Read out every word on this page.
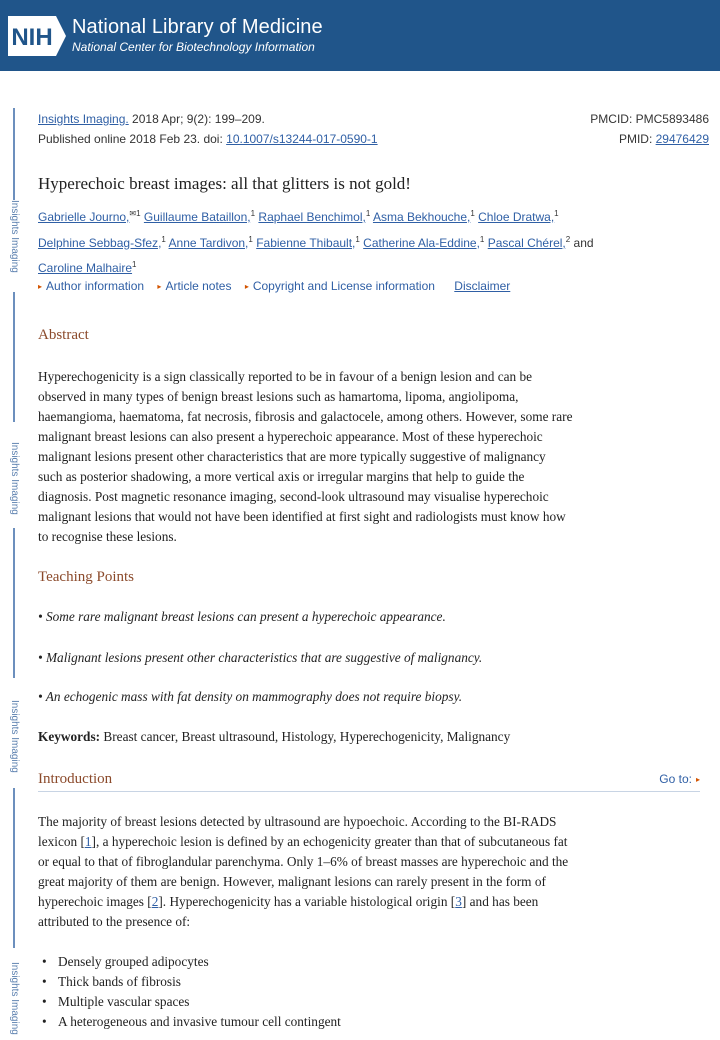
NIH National Library of Medicine
National Center for Biotechnology Information
Insights Imaging
Insights Imaging
Insights Imaging
Insights Imaging
Insights Imaging. 2018 Apr; 9(2): 199–209.
Published online 2018 Feb 23. doi: 10.1007/s13244-017-0590-1
PMCID: PMC5893486
PMID: 29476429
Hyperechoic breast images: all that glitters is not gold!
Gabrielle Journo,$^{✉1}$ Guillaume Bataillon,$^1$ Raphael Benchimol,$^1$ Asma Bekhouche,$^1$ Chloe Dratwa,$^1$
Delphine Sebbag-Sfez,$^1$ Anne Tardivon,$^1$ Fabienne Thibault,$^1$ Catherine Ala-Eddine,$^1$ Pascal Chérel,$^2$ and
Caroline Malhaire$^1$
▸ Author information ▸ Article notes ▸ Copyright and License information Disclaimer
Abstract
Hyperechogenicity is a sign classically reported to be in favour of a benign lesion and can be
observed in many types of benign breast lesions such as hamartoma, lipoma, angiolipoma,
haemangioma, haematoma, fat necrosis, fibrosis and galactocele, among others. However, some rare
malignant breast lesions can also present a hyperechoic appearance. Most of these hyperechoic
malignant lesions present other characteristics that are more typically suggestive of malignancy
such as posterior shadowing, a more vertical axis or irregular margins that help to guide the
diagnosis. Post magnetic resonance imaging, second-look ultrasound may visualise hyperechoic
malignant lesions that would not have been identified at first sight and radiologists must know how
to recognise these lesions.
Teaching Points
• Some rare malignant breast lesions can present a hyperechoic appearance.
• Malignant lesions present other characteristics that are suggestive of malignancy.
• An echogenic mass with fat density on mammography does not require biopsy.
Keywords: Breast cancer, Breast ultrasound, Histology, Hyperechogenicity, Malignancy
Introduction	Go to: ▸
The majority of breast lesions detected by ultrasound are hypoechoic. According to the BI-RADS
lexicon [1], a hyperechoic lesion is defined by an echogenicity greater than that of subcutaneous fat
or equal to that of fibroglandular parenchyma. Only 1–6% of breast masses are hyperechoic and the
great majority of them are benign. However, malignant lesions can rarely present in the form of
hyperechoic images [2]. Hyperechogenicity has a variable histological origin [3] and has been
attributed to the presence of:
• Densely grouped adipocytes
• Thick bands of fibrosis
• Multiple vascular spaces
• A heterogeneous and invasive tumour cell contingent
